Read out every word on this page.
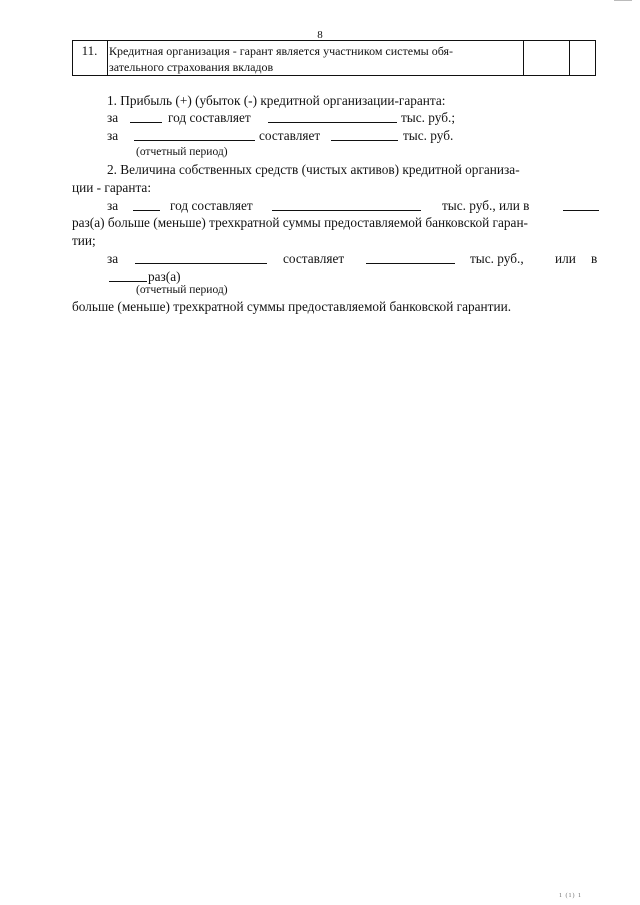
8
11. Кредитная организация - гарант является участником системы обя-
зательного страхования вкладов
1. Прибыль (+) (убыток (-) кредитной организации-гаранта:
за	год составляет	тыс. руб.;
за	составляет	тыс. руб.
(отчетный период)
2. Величина собственных средств (чистых активов) кредитной организа-
ции - гаранта:
за	год составляет	тыс. руб., или в
раз(а) больше (меньше) трехкратной суммы предоставляемой банковской гаран-
тии;
за	составляет	тыс. руб., или в
раз(а)
(отчетный период)
больше (меньше) трехкратной суммы предоставляемой банковской гарантии.
1 (1) 1
